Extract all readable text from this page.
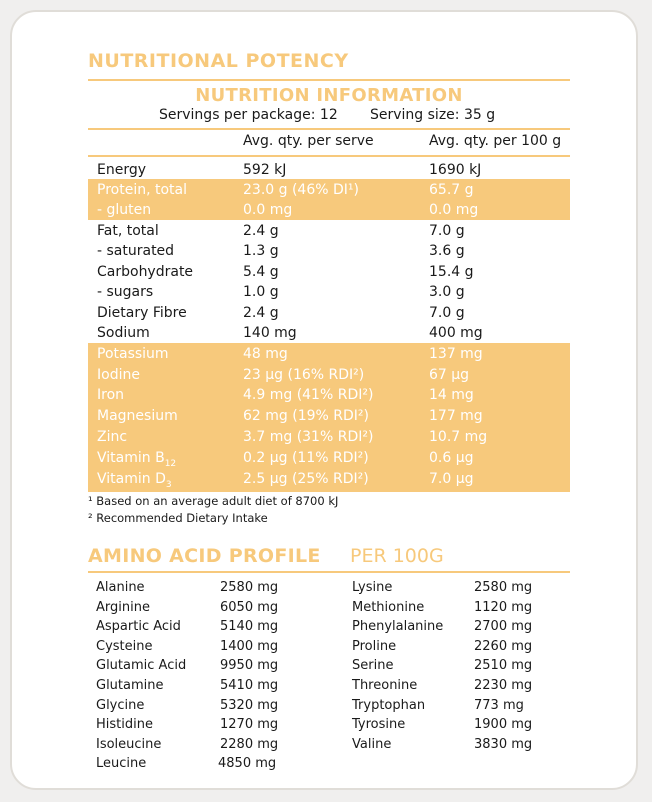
NUTRITIONAL POTENCY
NUTRITION INFORMATION
Servings per package: 12 Serving size: 35 g
Avg. qty. per serve	Avg. qty. per 100 g
Energy	592 kJ	1690 kJ
Protein, total	23.0 g (46% DI¹)	65.7 g
- gluten	0.0 mg	0.0 mg
Fat, total	2.4 g	7.0 g
- saturated	1.3 g	3.6 g
Carbohydrate	5.4 g	15.4 g
- sugars	1.0 g	3.0 g
Dietary Fibre	2.4 g	7.0 g
Sodium	140 mg	400 mg
Potassium	48 mg	137 mg
Iodine	23 µg (16% RDI²)	67 µg
Iron	4.9 mg (41% RDI²)	14 mg
Magnesium	62 mg (19% RDI²)	177 mg
Zinc	3.7 mg (31% RDI²)	10.7 mg
Vitamin $B_{12}$	0.2 µg (11% RDI²)	0.6 µg
Vitamin $D_3$	2.5 µg (25% RDI²)	7.0 µg
¹ Based on an average adult diet of 8700 kJ
² Recommended Dietary Intake
AMINO ACID PROFILE PER 100G
Alanine	2580 mg
Arginine	6050 mg
Aspartic Acid	5140 mg
Cysteine	1400 mg
Glutamic Acid	9950 mg
Glutamine	5410 mg
Glycine	5320 mg
Histidine	1270 mg
Isoleucine	2280 mg
Leucine	4850 mg
Lysine	2580 mg
Methionine	1120 mg
Phenylalanine 2700 mg
Proline	2260 mg
Serine	2510 mg
Threonine	2230 mg
Tryptophan	773 mg
Tyrosine	1900 mg
Valine	3830 mg
